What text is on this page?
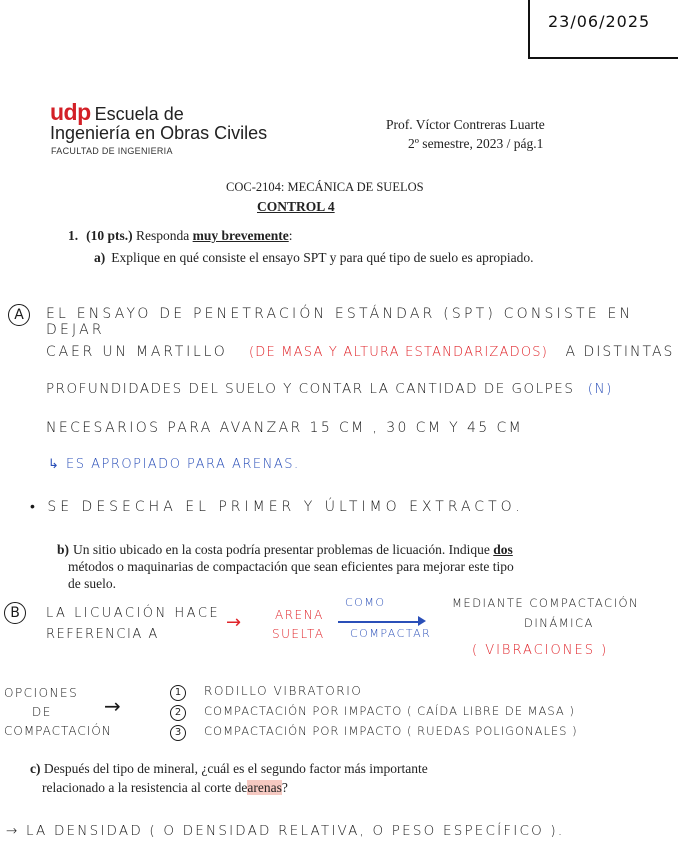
23/06/2025
udp Escuela de
Ingeniería en Obras Civiles
FACULTAD DE INGENIERIA
Prof. Víctor Contreras Luarte
2º semestre, 2023 / pág.1
COC-2104: MECÁNICA DE SUELOS
CONTROL 4
1. (10 pts.) Responda muy brevemente:
a) Explique en qué consiste el ensayo SPT y para qué tipo de suelo es apropiado.
A	EL ENSAYO DE PENETRACIÓN ESTÁNDAR (SPT) CONSISTE EN DEJAR
CAER UN MARTILLO (DE MASA Y ALTURA ESTANDARIZADOS) A DISTINTAS
PROFUNDIDADES DEL SUELO Y CONTAR LA CANTIDAD DE GOLPES (N)
NECESARIOS PARA AVANZAR 15 CM , 30 CM Y 45 CM
↳ ES APROPIADO PARA ARENAS.
• SE DESECHA EL PRIMER Y ÚLTIMO EXTRACTO.
b) Un sitio ubicado en la costa podría presentar problemas de licuación. Indique dos
métodos o maquinarias de compactación que sean eficientes para mejorar este tipo
de suelo.
B	LA LICUACIÓN HACE
REFERENCIA A
→	ARENA
SUELTA
COMO
COMPACTAR
MEDIANTE COMPACTACIÓN
DINÁMICA
( VIBRACIONES )
OPCIONES
DE
COMPACTACIÓN
→
1 RODILLO VIBRATORIO
2 COMPACTACIÓN POR IMPACTO ( CAÍDA LIBRE DE MASA )
3 COMPACTACIÓN POR IMPACTO ( RUEDAS POLIGONALES )
c) Después del tipo de mineral, ¿cuál es el segundo factor más importante
relacionado a la resistencia al corte dearenas?
→ LA DENSIDAD ( O DENSIDAD RELATIVA, O PESO ESPECÍFICO ).
